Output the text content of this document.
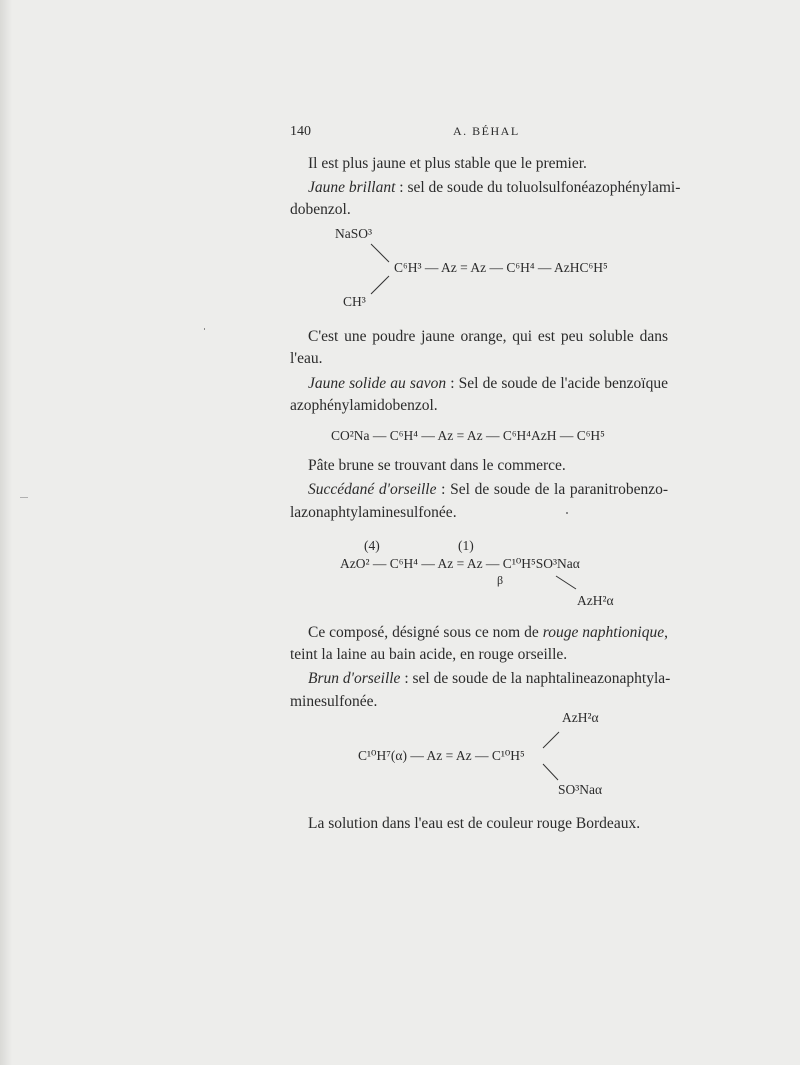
140	A. BÉHAL
Il est plus jaune et plus stable que le premier.
Jaune brillant : sel de soude du toluolsulfonéazophénylami-
dobenzol.
NaSO³
C⁶H³ — Az = Az — C⁶H⁴ — AzHC⁶H⁵
CH³
C'est une poudre jaune orange, qui est peu soluble dans
l'eau.
Jaune solide au savon : Sel de soude de l'acide benzoïque
azophénylamidobenzol.
CO²Na — C⁶H⁴ — Az = Az — C⁶H⁴AzH — C⁶H⁵
Pâte brune se trouvant dans le commerce.
Succédané d'orseille : Sel de soude de la paranitrobenzo-
lazonaphtylaminesulfonée.
(4)	(1)
AzO² — C⁶H⁴ — Az = Az — C¹⁰H⁵SO³Naα
β
AzH²α
Ce composé, désigné sous ce nom de rouge naphtionique,
teint la laine au bain acide, en rouge orseille.
Brun d'orseille : sel de soude de la naphtalineazonaphtyla-
minesulfonée.
AzH²α
C¹⁰H⁷(α) — Az = Az — C¹⁰H⁵
SO³Naα
La solution dans l'eau est de couleur rouge Bordeaux.
